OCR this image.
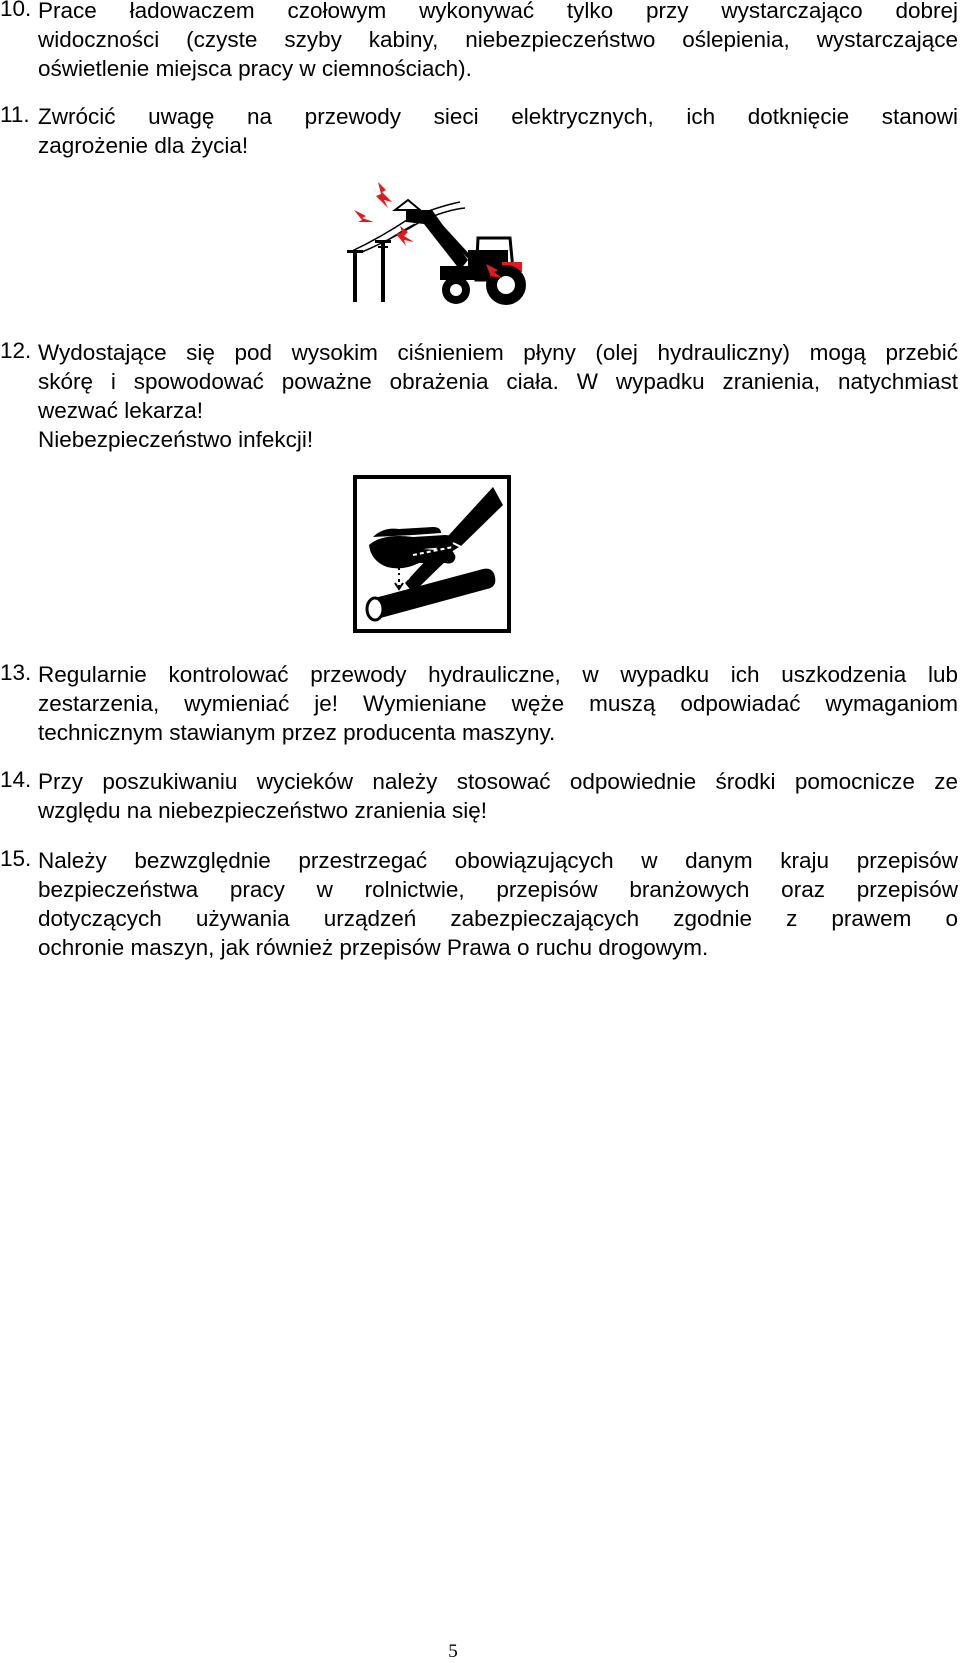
10. Prace ładowaczem czołowym wykonywać tylko przy wystarczająco dobrej
widoczności (czyste szyby kabiny, niebezpieczeństwo oślepienia, wystarczające
oświetlenie miejsca pracy w ciemnościach).
11. Zwrócić uwagę na przewody sieci elektrycznych, ich dotknięcie stanowi
zagrożenie dla życia!
12. Wydostające się pod wysokim ciśnieniem płyny (olej hydrauliczny) mogą przebić
skórę i spowodować poważne obrażenia ciała. W wypadku zranienia, natychmiast
wezwać lekarza!
Niebezpieczeństwo infekcji!
13. Regularnie kontrolować przewody hydrauliczne, w wypadku ich uszkodzenia lub
zestarzenia, wymieniać je! Wymieniane węże muszą odpowiadać wymaganiom
technicznym stawianym przez producenta maszyny.
14. Przy poszukiwaniu wycieków należy stosować odpowiednie środki pomocnicze ze
względu na niebezpieczeństwo zranienia się!
15. Należy bezwzględnie przestrzegać obowiązujących w danym kraju przepisów
bezpieczeństwa pracy w rolnictwie, przepisów branżowych oraz przepisów
dotyczących używania urządzeń zabezpieczających zgodnie z prawem o
ochronie maszyn, jak również przepisów Prawa o ruchu drogowym.
5
